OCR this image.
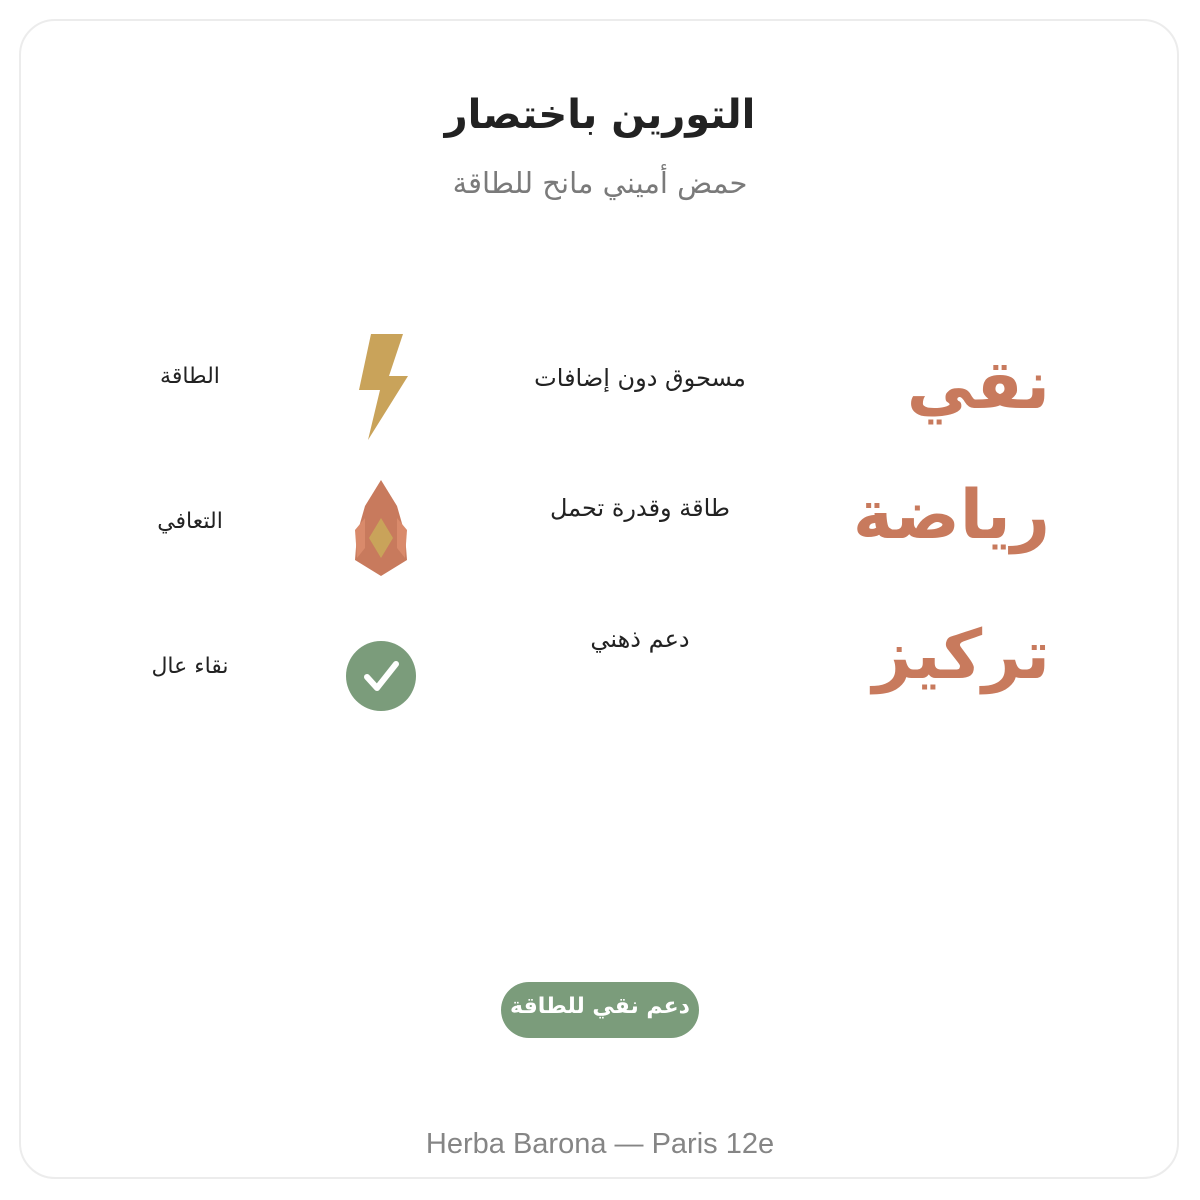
التورين باختصار
حمض أميني مانح للطاقة
نقي
مسحوق دون إضافات
الطاقة
رياضة
طاقة وقدرة تحمل
التعافي
تركيز
دعم ذهني
نقاء عال
دعم نقي للطاقة
Herba Barona — Paris 12e
